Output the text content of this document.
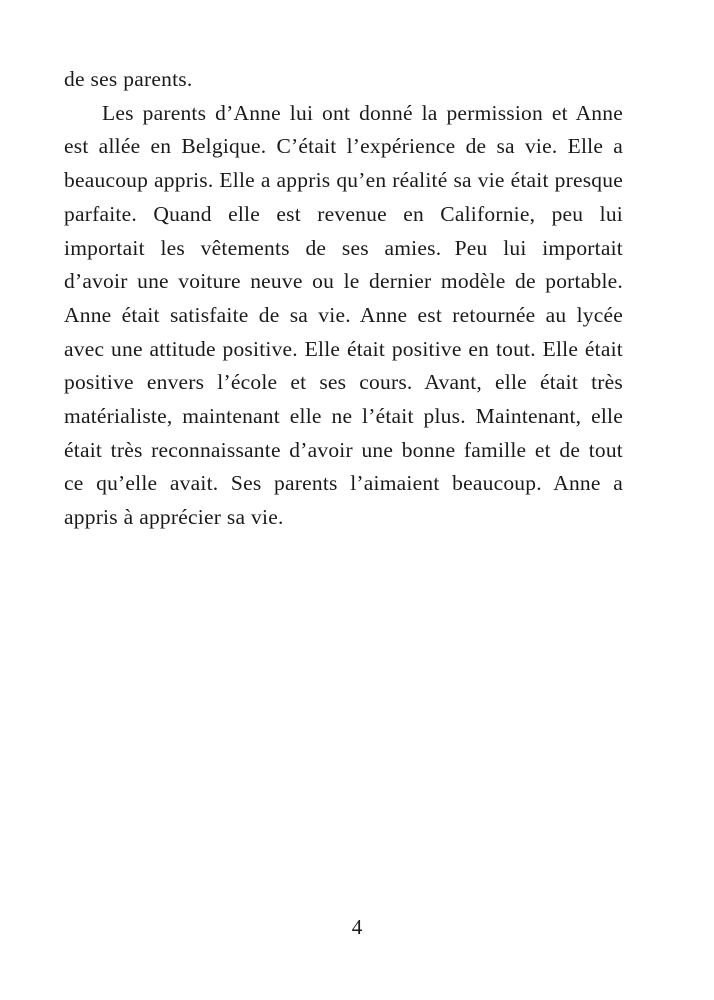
de ses parents.

Les parents d’Anne lui ont donné la permission et Anne est allée en Belgique. C’était l’expérience de sa vie. Elle a beaucoup appris. Elle a appris qu’en réalité sa vie était presque parfaite. Quand elle est revenue en Californie, peu lui importait les vêtements de ses amies. Peu lui importait d’avoir une voiture neuve ou le dernier modèle de portable. Anne était satisfaite de sa vie. Anne est retournée au lycée avec une attitude positive. Elle était positive en tout. Elle était positive envers l’école et ses cours. Avant, elle était très matérialiste, maintenant elle ne l’était plus. Maintenant, elle était très reconnaissante d’avoir une bonne famille et de tout ce qu’elle avait. Ses parents l’aimaient beaucoup. Anne a appris à apprécier sa vie.

4
